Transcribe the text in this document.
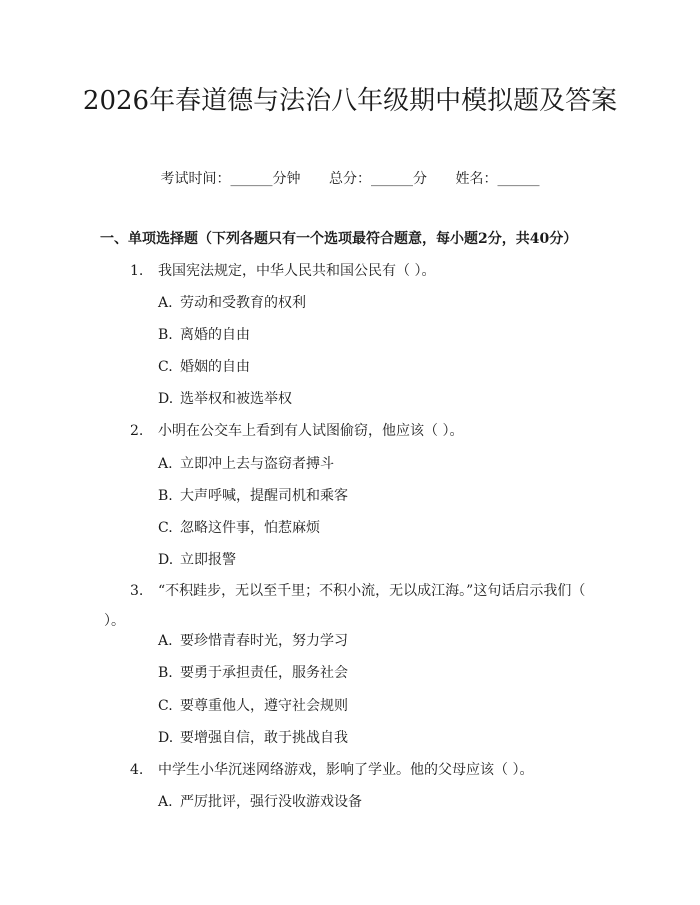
2026年春道德与法治八年级期中模拟题及答案
考试时间：______分钟 总分：______分 姓名：______
一、单项选择题（下列各题只有一个选项最符合题意，每小题2分，共40分）
1. 我国宪法规定，中华人民共和国公民有（ ）。
A. 劳动和受教育的权利
B. 离婚的自由
C. 婚姻的自由
D. 选举权和被选举权
2. 小明在公交车上看到有人试图偷窃，他应该（ ）。
A. 立即冲上去与盗窃者搏斗
B. 大声呼喊，提醒司机和乘客
C. 忽略这件事，怕惹麻烦
D. 立即报警
3. “不积跬步，无以至千里；不积小流，无以成江海。”这句话启示我们（ ）。
A. 要珍惜青春时光，努力学习
B. 要勇于承担责任，服务社会
C. 要尊重他人，遵守社会规则
D. 要增强自信，敢于挑战自我
4. 中学生小华沉迷网络游戏，影响了学业。他的父母应该（ ）。
A. 严厉批评，强行没收游戏设备
